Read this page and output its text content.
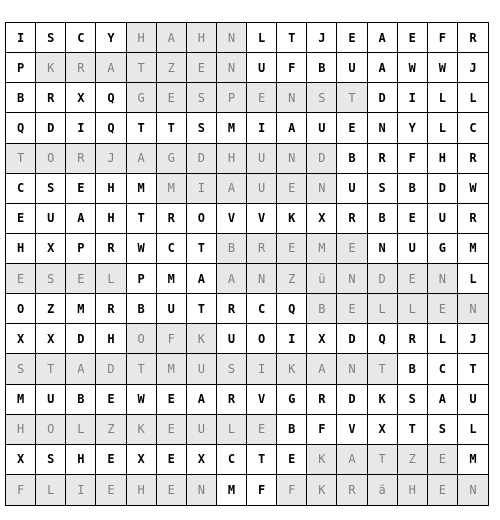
I	S	C	Y	H	A	H	N	L	T	J	E	A	E	F	R
P	K	R	A	T	Z	E	N	U	F	B	U	A	W	W	J
B	R	X	Q	G	E	S	P	E	N	S	T	D	I	L	L
Q	D	I	Q	T	T	S	M	I	A	U	E	N	Y	L	C
T	O	R	J	A	G	D	H	U	N	D	B	R	F	H	R
C	S	E	H	M	M	I	A	U	E	N	U	S	B	D	W
E	U	A	H	T	R	O	V	V	K	X	R	B	E	U	R
H	X	P	R	W	C	T	B	R	E	M	E	N	U	G	M
E	S	E	L	P	M	A	A	N	Z	ü	N	D	E	N	L
O	Z	M	R	B	U	T	R	C	Q	B	E	L	L	E	N
X	X	D	H	O	F	K	U	O	I	X	D	Q	R	L	J
S	T	A	D	T	M	U	S	I	K	A	N	T	B	C	T
M	U	B	E	W	E	A	R	V	G	R	D	K	S	A	U
H	O	L	Z	K	E	U	L	E	B	F	V	X	T	S	L
X	S	H	E	X	E	X	C	T	E	K	A	T	Z	E	M
F	L	I	E	H	E	N	M	F	F	K	R	ä	H	E	N
